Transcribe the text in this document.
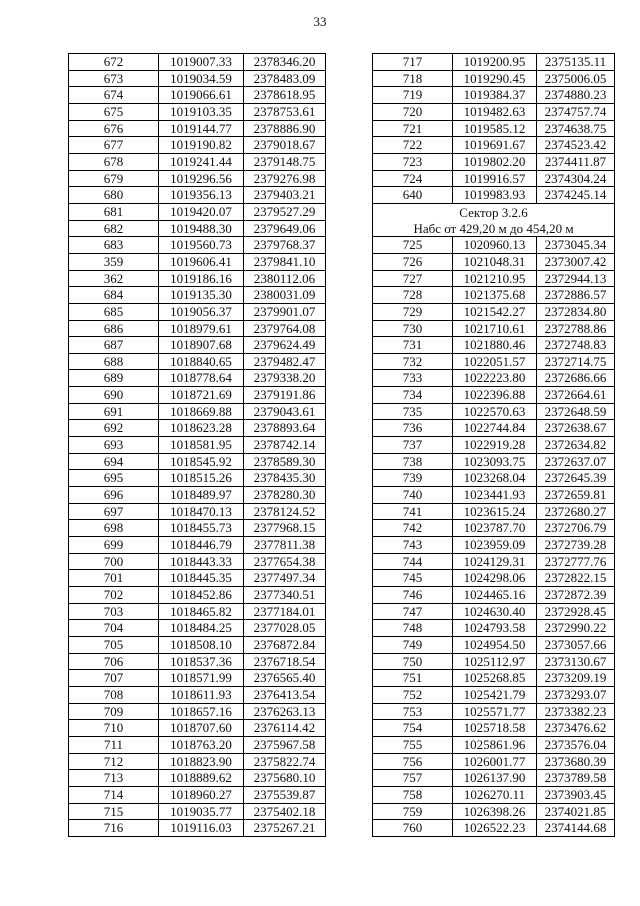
33
672	1019007.33	2378346.20
673	1019034.59	2378483.09
674	1019066.61	2378618.95
675	1019103.35	2378753.61
676	1019144.77	2378886.90
677	1019190.82	2379018.67
678	1019241.44	2379148.75
679	1019296.56	2379276.98
680	1019356.13	2379403.21
681	1019420.07	2379527.29
682	1019488.30	2379649.06
683	1019560.73	2379768.37
359	1019606.41	2379841.10
362	1019186.16	2380112.06
684	1019135.30	2380031.09
685	1019056.37	2379901.07
686	1018979.61	2379764.08
687	1018907.68	2379624.49
688	1018840.65	2379482.47
689	1018778.64	2379338.20
690	1018721.69	2379191.86
691	1018669.88	2379043.61
692	1018623.28	2378893.64
693	1018581.95	2378742.14
694	1018545.92	2378589.30
695	1018515.26	2378435.30
696	1018489.97	2378280.30
697	1018470.13	2378124.52
698	1018455.73	2377968.15
699	1018446.79	2377811.38
700	1018443.33	2377654.38
701	1018445.35	2377497.34
702	1018452.86	2377340.51
703	1018465.82	2377184.01
704	1018484.25	2377028.05
705	1018508.10	2376872.84
706	1018537.36	2376718.54
707	1018571.99	2376565.40
708	1018611.93	2376413.54
709	1018657.16	2376263.13
710	1018707.60	2376114.42
711	1018763.20	2375967.58
712	1018823.90	2375822.74
713	1018889.62	2375680.10
714	1018960.27	2375539.87
715	1019035.77	2375402.18
716	1019116.03	2375267.21
717	1019200.95	2375135.11
718	1019290.45	2375006.05
719	1019384.37	2374880.23
720	1019482.63	2374757.74
721	1019585.12	2374638.75
722	1019691.67	2374523.42
723	1019802.20	2374411.87
724	1019916.57	2374304.24
640	1019983.93	2374245.14
Сектор 3.2.6
Набс от 429,20 м до 454,20 м
725	1020960.13	2373045.34
726	1021048.31	2373007.42
727	1021210.95	2372944.13
728	1021375.68	2372886.57
729	1021542.27	2372834.80
730	1021710.61	2372788.86
731	1021880.46	2372748.83
732	1022051.57	2372714.75
733	1022223.80	2372686.66
734	1022396.88	2372664.61
735	1022570.63	2372648.59
736	1022744.84	2372638.67
737	1022919.28	2372634.82
738	1023093.75	2372637.07
739	1023268.04	2372645.39
740	1023441.93	2372659.81
741	1023615.24	2372680.27
742	1023787.70	2372706.79
743	1023959.09	2372739.28
744	1024129.31	2372777.76
745	1024298.06	2372822.15
746	1024465.16	2372872.39
747	1024630.40	2372928.45
748	1024793.58	2372990.22
749	1024954.50	2373057.66
750	1025112.97	2373130.67
751	1025268.85	2373209.19
752	1025421.79	2373293.07
753	1025571.77	2373382.23
754	1025718.58	2373476.62
755	1025861.96	2373576.04
756	1026001.77	2373680.39
757	1026137.90	2373789.58
758	1026270.11	2373903.45
759	1026398.26	2374021.85
760	1026522.23	2374144.68
